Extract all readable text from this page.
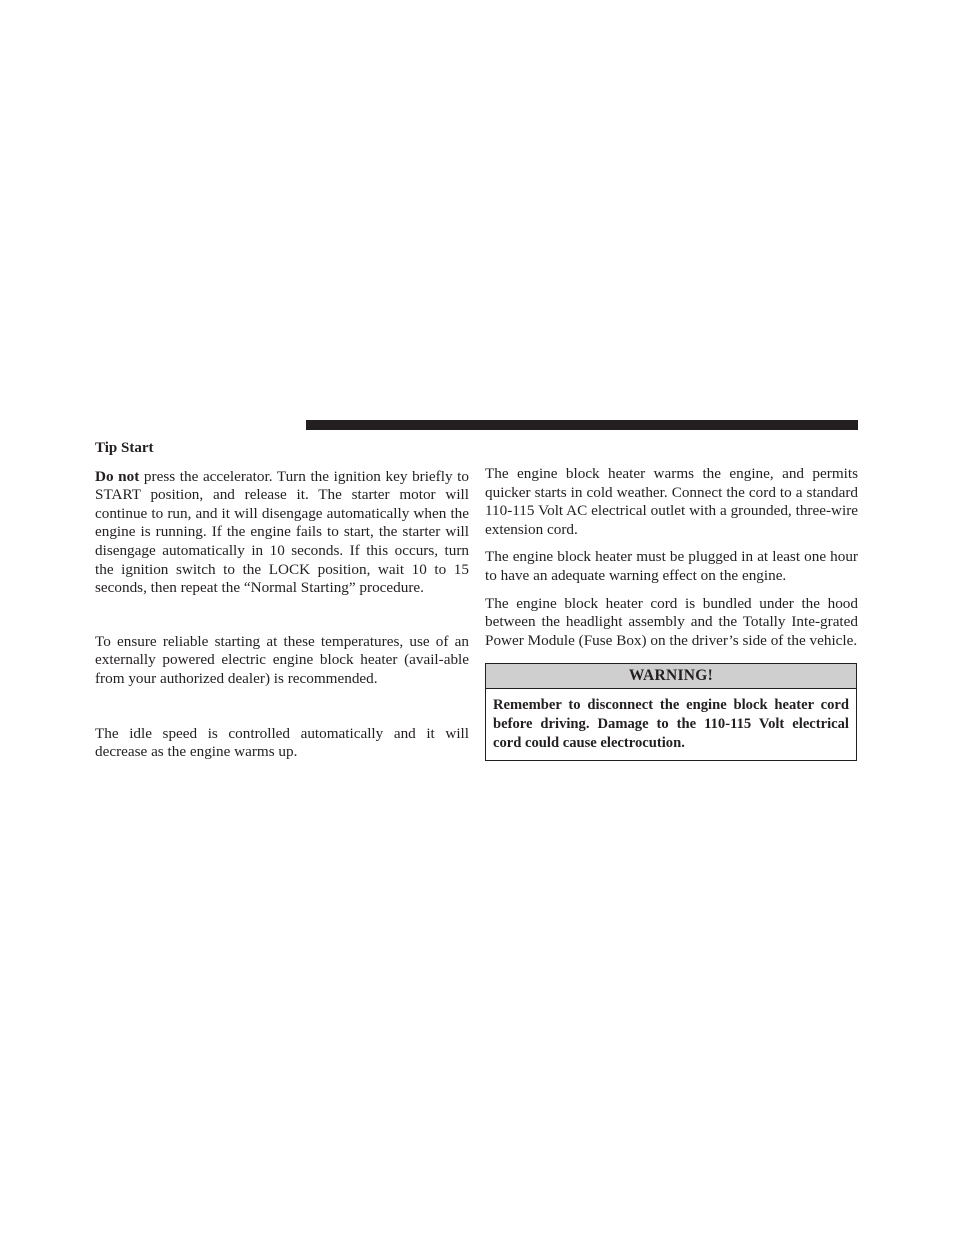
Tip Start

Do not press the accelerator. Turn the ignition key briefly to START position, and release it. The starter motor will continue to run, and it will disengage automatically when the engine is running. If the engine fails to start, the starter will disengage automatically in 10 seconds. If this occurs, turn the ignition switch to the LOCK position, wait 10 to 15 seconds, then repeat the “Normal Starting” procedure.

To ensure reliable starting at these temperatures, use of an externally powered electric engine block heater (avail-able from your authorized dealer) is recommended.

The idle speed is controlled automatically and it will decrease as the engine warms up.

The engine block heater warms the engine, and permits quicker starts in cold weather. Connect the cord to a standard 110-115 Volt AC electrical outlet with a grounded, three-wire extension cord.

The engine block heater must be plugged in at least one hour to have an adequate warning effect on the engine.

The engine block heater cord is bundled under the hood between the headlight assembly and the Totally Inte-grated Power Module (Fuse Box) on the driver’s side of the vehicle.

WARNING!
Remember to disconnect the engine block heater cord before driving. Damage to the 110-115 Volt electrical cord could cause electrocution.
